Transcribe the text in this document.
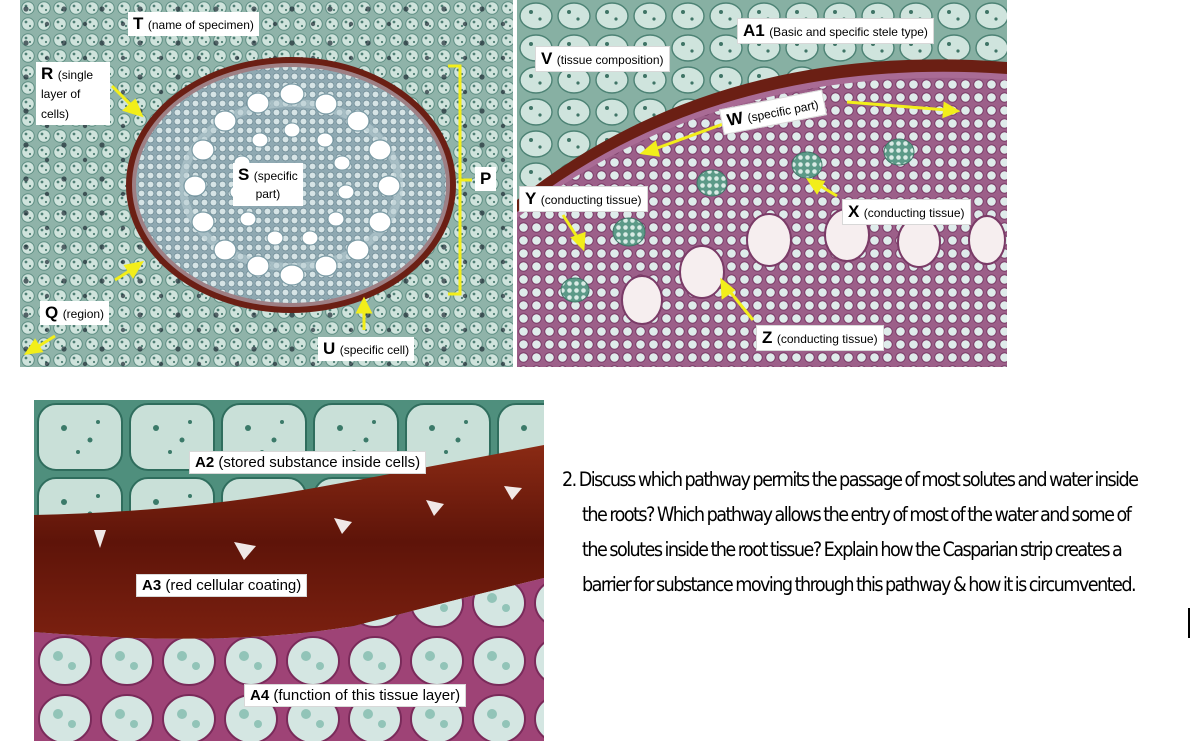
T (name of specimen)
R (single
layer of
cells)
S (specific
part)
P
Q (region)
U (specific cell)
V (tissue composition)
A1 (Basic and specific stele type)
W (specific part)
Y (conducting tissue)
X (conducting tissue)
Z (conducting tissue)
A2 (stored substance inside cells)
A3 (red cellular coating)
A4 (function of this tissue layer)

2. Discuss which pathway permits the passage of most solutes and water inside

the roots? Which pathway allows the entry of most of the water and some of

the solutes inside the root tissue? Explain how the Casparian strip creates a

barrier for substance moving through this pathway & how it is circumvented.
